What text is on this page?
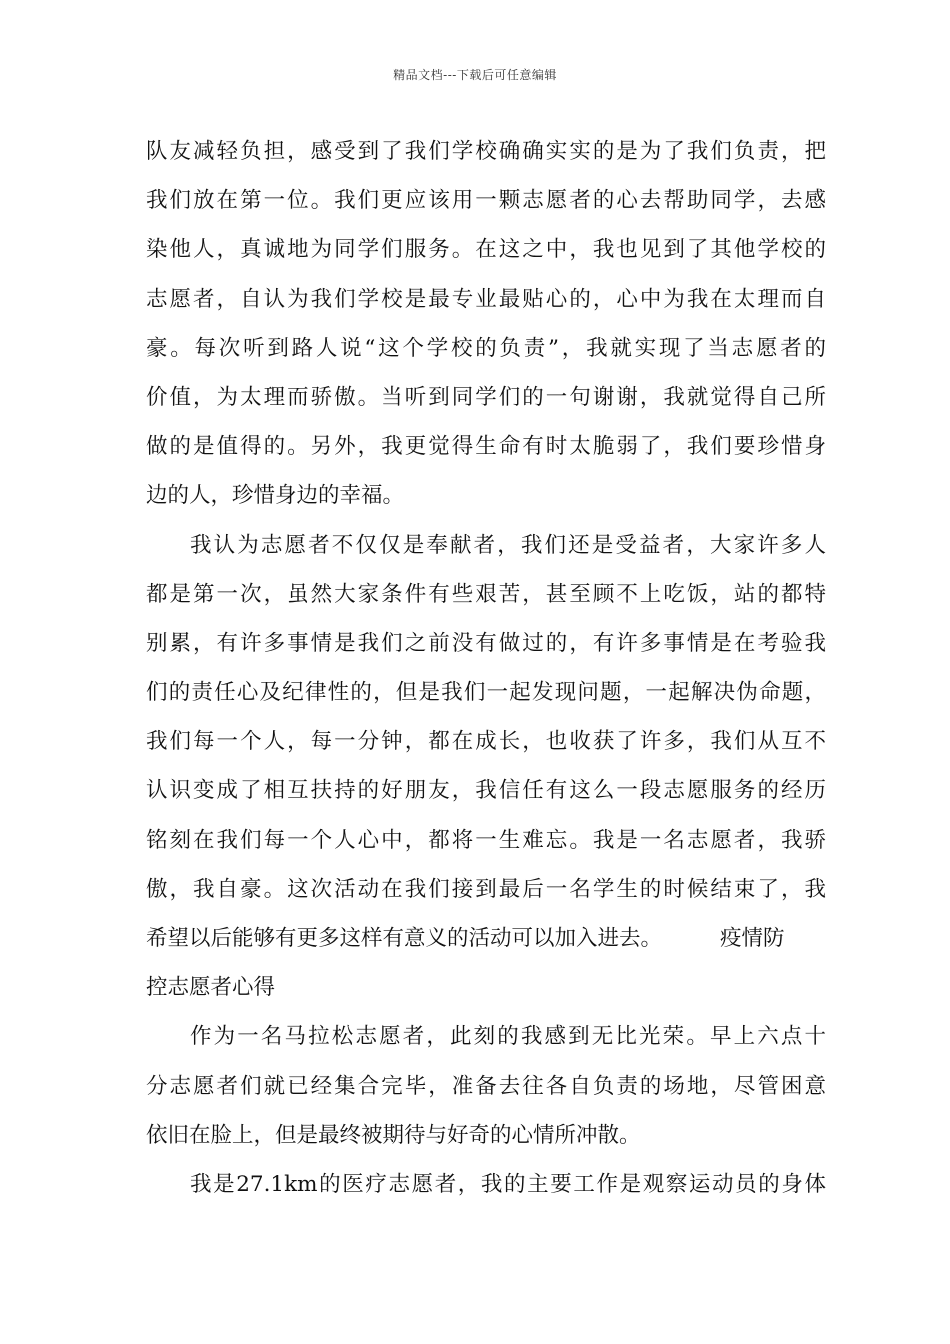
精品文档---下载后可任意编辑
队友减轻负担，感受到了我们学校确确实实的是为了我们负责，把
我们放在第一位。我们更应该用一颗志愿者的心去帮助同学，去感
染他人，真诚地为同学们服务。在这之中，我也见到了其他学校的
志愿者，自认为我们学校是最专业最贴心的，心中为我在太理而自
豪。每次听到路人说“这个学校的负责”，我就实现了当志愿者的
价值，为太理而骄傲。当听到同学们的一句谢谢，我就觉得自己所
做的是值得的。另外，我更觉得生命有时太脆弱了，我们要珍惜身
边的人，珍惜身边的幸福。
我认为志愿者不仅仅是奉献者，我们还是受益者，大家许多人
都是第一次，虽然大家条件有些艰苦，甚至顾不上吃饭，站的都特
别累，有许多事情是我们之前没有做过的，有许多事情是在考验我
们的责任心及纪律性的，但是我们一起发现问题，一起解决伪命题，
我们每一个人，每一分钟，都在成长，也收获了许多，我们从互不
认识变成了相互扶持的好朋友，我信任有这么一段志愿服务的经历
铭刻在我们每一个人心中，都将一生难忘。我是一名志愿者，我骄
傲，我自豪。这次活动在我们接到最后一名学生的时候结束了，我
希望以后能够有更多这样有意义的活动可以加入进去。	疫情防
控志愿者心得
作为一名马拉松志愿者，此刻的我感到无比光荣。早上六点十
分志愿者们就已经集合完毕，准备去往各自负责的场地，尽管困意
依旧在脸上，但是最终被期待与好奇的心情所冲散。
我是27.1km的医疗志愿者，我的主要工作是观察运动员的身体
